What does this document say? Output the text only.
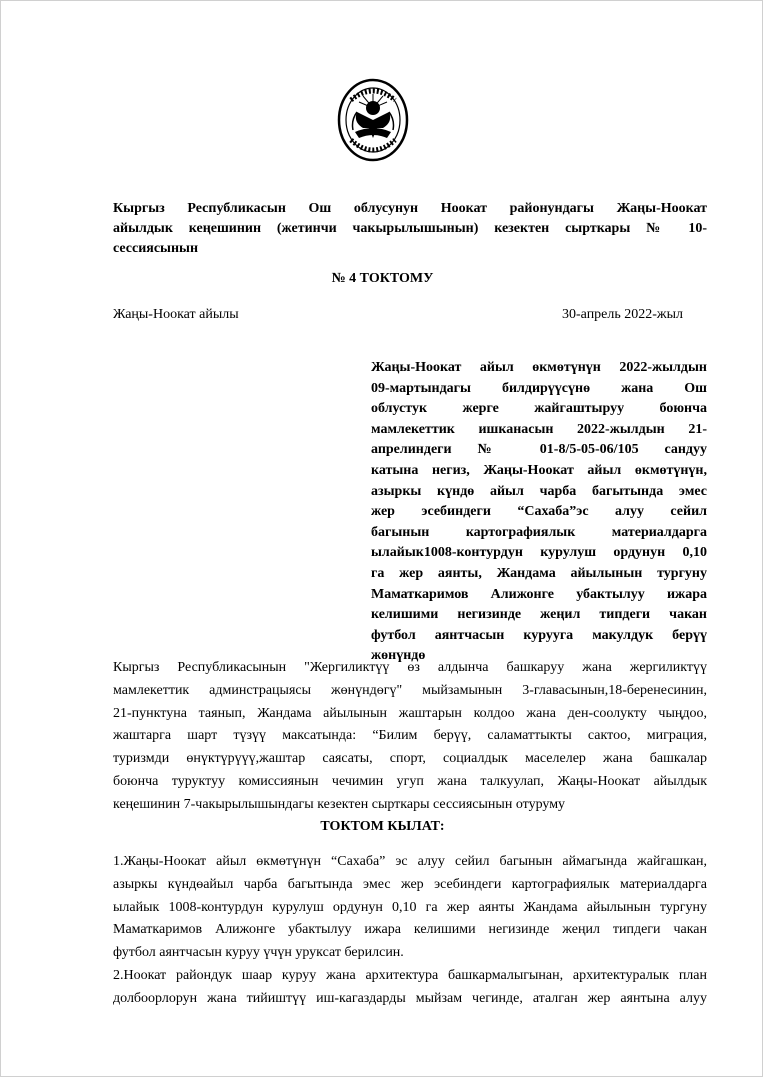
Кыргыз Республикасын Ош облусунун Ноокат районундагы Жаңы-Ноокат
айылдык кеңешинин (жетинчи чакырылышынын) кезектен сырткары № 10-
сессиясынын
№ 4 ТОКТОМУ
Жаңы-Ноокат айылы	30-апрель 2022-жыл
Жаңы-Ноокат айыл өкмөтүнүн 2022-жылдын
09-мартындагы билдирүүсүнө жана Ош
облустук жерге жайгаштыруу боюнча
мамлекеттик ишканасын 2022-жылдын 21-
апрелиндеги № 01-8/5-05-06/105 сандуу
катына негиз, Жаңы-Ноокат айыл өкмөтүнүн,
азыркы күндө айыл чарба багытында эмес
жер эсебиндеги “Сахаба”эс алуу сейил
багынын картографиялык материалдарга
ылайык1008-контурдун курулуш ордунун 0,10
га жер аянты, Жандама айылынын тургуну
Маматкаримов Алижонге убактылуу ижара
келишими негизинде жеңил типдеги чакан
футбол аянтчасын курууга макулдук берүү
жөнүндө
Кыргыз Республикасынын "Жергиликтүү өз алдынча башкаруу жана жергиликтүү
мамлекеттик админстрацыясы жөнүндөгү" мыйзамынын 3-главасынын,18-беренесинин,
21-пунктуна таянып, Жандама айылынын жаштарын колдоо жана ден-соолукту чыңдоо,
жаштарга шарт түзүү максатында: “Билим берүү, саламаттыкты сактоо, миграция,
туризмди өнүктүрүүү,жаштар саясаты, спорт, социалдык маселелер жана башкалар
боюнча туруктуу комиссиянын чечимин угуп жана талкуулап, Жаңы-Ноокат айылдык
кеңешинин 7-чакырылышындагы кезектен сырткары сессиясынын отуруму
ТОКТОМ КЫЛАТ:
1.Жаңы-Ноокат айыл өкмөтүнүн “Сахаба” эс алуу сейил багынын аймагында жайгашкан,
азыркы күндөайыл чарба багытында эмес жер эсебиндеги картографиялык материалдарга
ылайык 1008-контурдун курулуш ордунун 0,10 га жер аянты Жандама айылынын тургуну
Маматкаримов Алижонге убактылуу ижара келишими негизинде жеңил типдеги чакан
футбол аянтчасын куруу үчүн уруксат берилсин.
2.Ноокат райондук шаар куруу жана архитектура башкармалыгынан, архитектуралык план
долбоорлорун жана тийиштүү иш-кагаздарды мыйзам чегинде, аталган жер аянтына алуу
